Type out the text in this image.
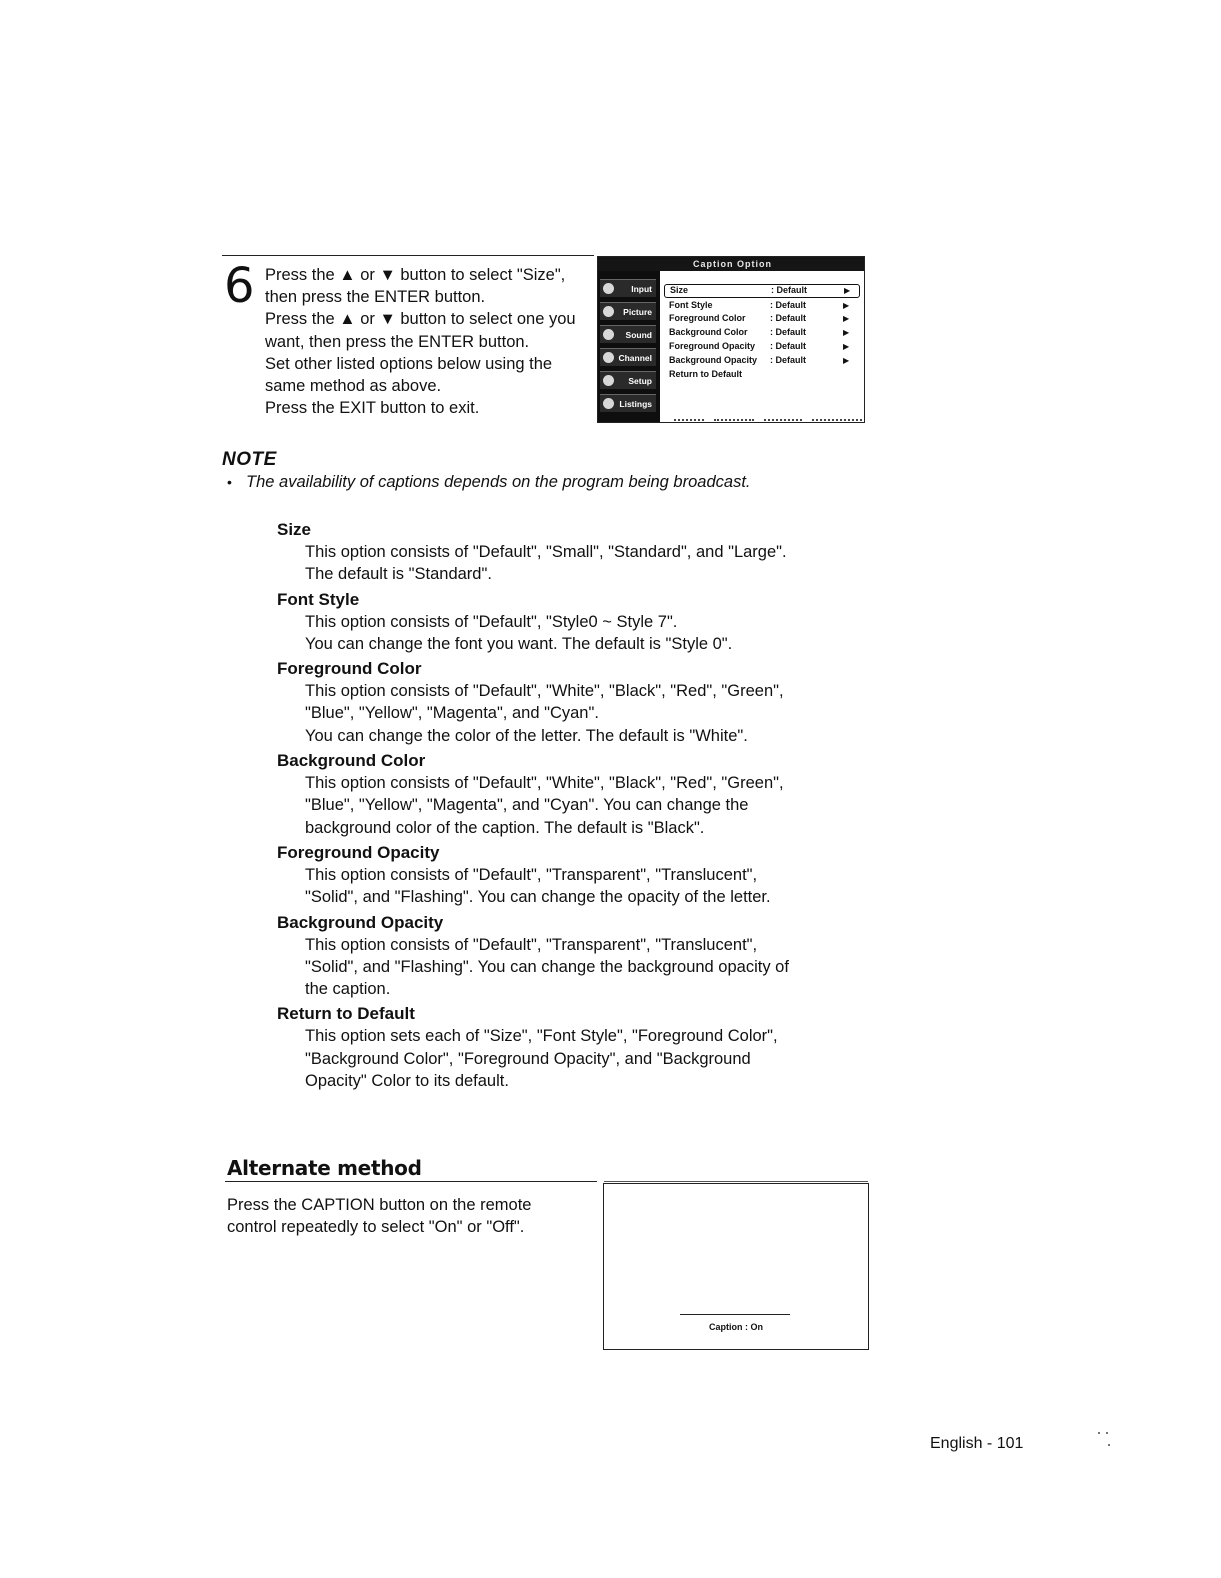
6 Press the ▲ or ▼ button to select "Size",
then press the ENTER button.
Press the ▲ or ▼ button to select one you
want, then press the ENTER button.
Set other listed options below using the
same method as above.
Press the EXIT button to exit.
Caption Option
Input
Picture
Sound
Channel
Setup
Listings
Size	: Default	▶
Font Style	: Default	▶
Foreground Color	: Default	▶
Background Color : Default	▶
Foreground Opacity : Default	▶
Background Opacity : Default	▶
Return to Default
NOTE
• The availability of captions depends on the program being broadcast.
Size
This option consists of "Default", "Small", "Standard", and "Large".
The default is "Standard".
Font Style
This option consists of "Default", "Style0 ~ Style 7".
You can change the font you want. The default is "Style 0".
Foreground Color
This option consists of "Default", "White", "Black", "Red", "Green",
"Blue", "Yellow", "Magenta", and "Cyan".
You can change the color of the letter. The default is "White".
Background Color
This option consists of "Default", "White", "Black", "Red", "Green",
"Blue", "Yellow", "Magenta", and "Cyan". You can change the
background color of the caption. The default is "Black".
Foreground Opacity
This option consists of "Default", "Transparent", "Translucent",
"Solid", and "Flashing". You can change the opacity of the letter.
Background Opacity
This option consists of "Default", "Transparent", "Translucent",
"Solid", and "Flashing". You can change the background opacity of
the caption.
Return to Default
This option sets each of "Size", "Font Style", "Foreground Color",
"Background Color", "Foreground Opacity", and "Background
Opacity" Color to its default.
Alternate method
Press the CAPTION button on the remote
control repeatedly to select "On" or "Off".
Caption : On
English - 101
